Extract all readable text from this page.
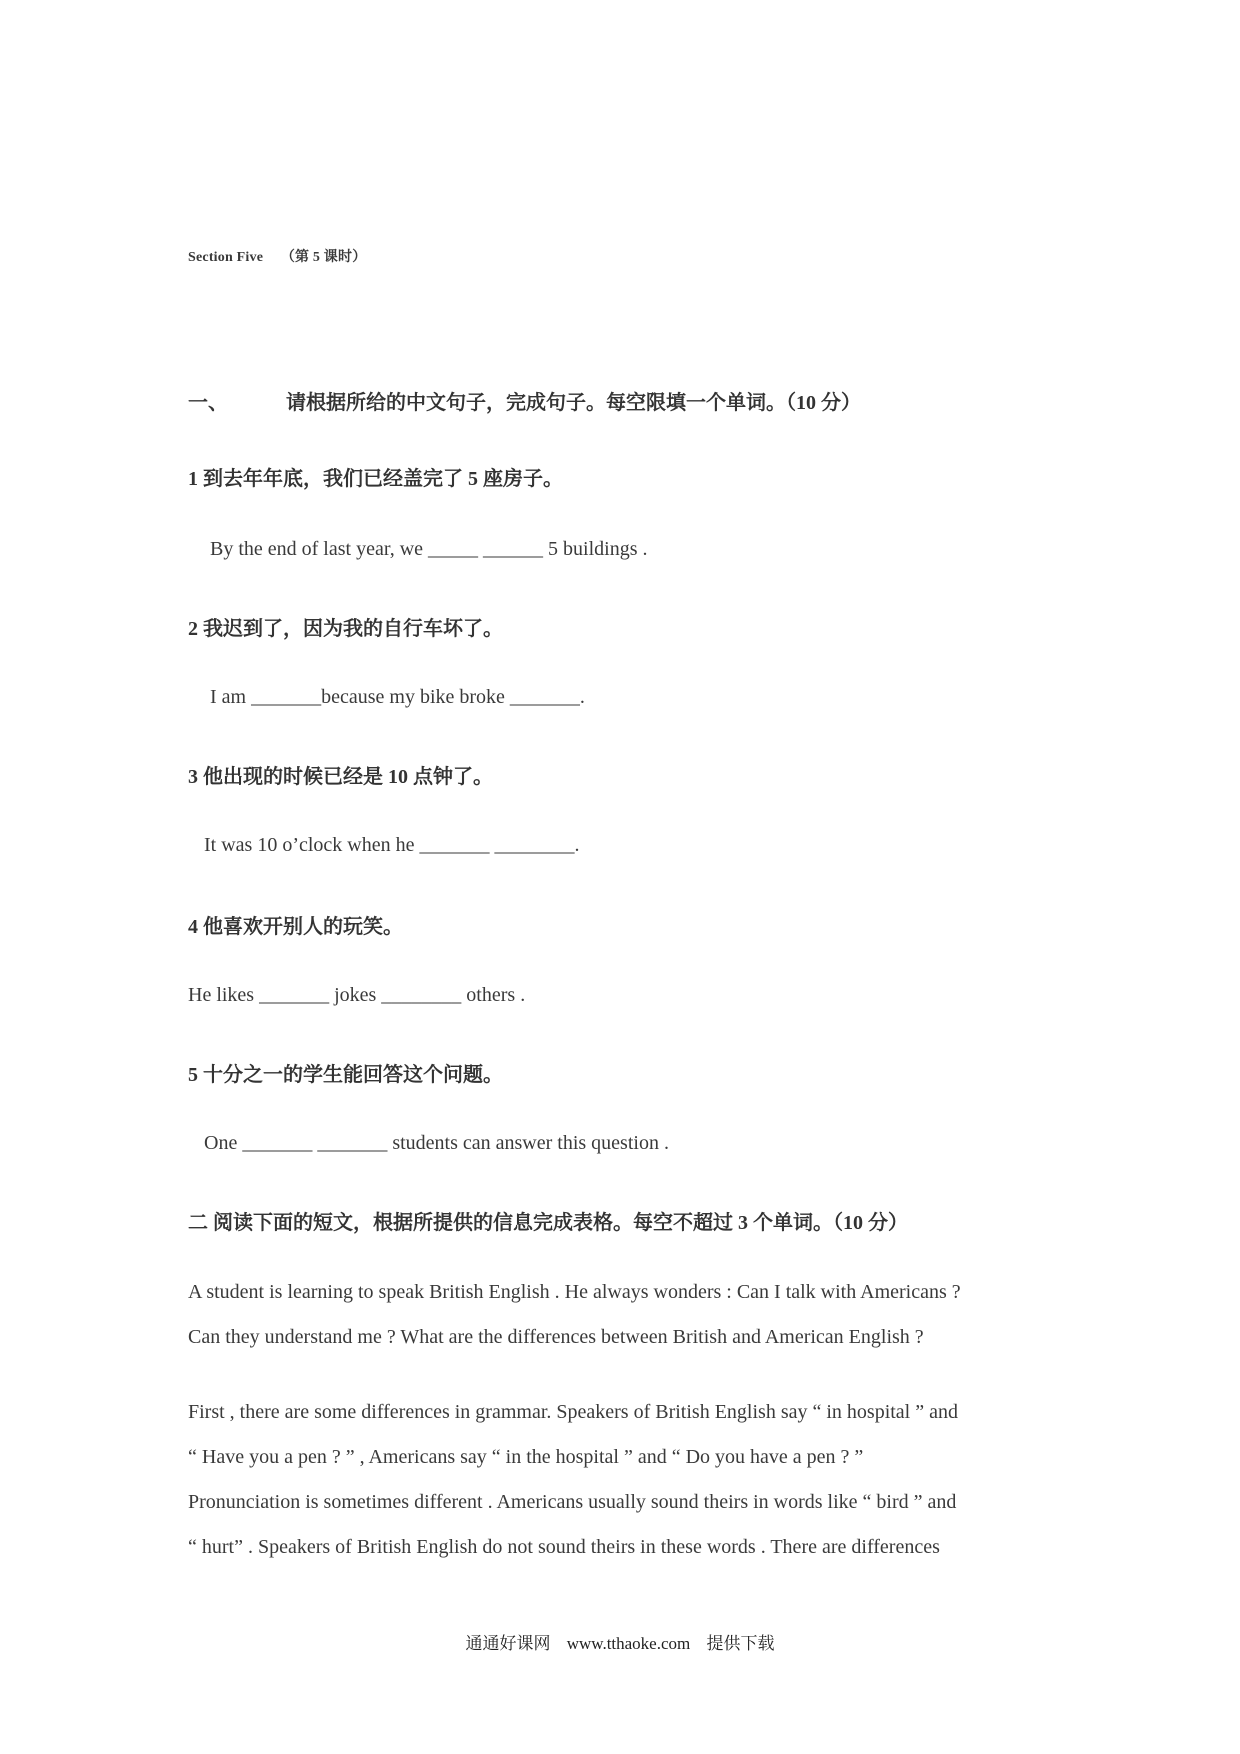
Section Five （第 5 课时）
一、	请根据所给的中文句子，完成句子。每空限填一个单词。（10 分）
1 到去年年底，我们已经盖完了 5 座房子。
By the end of last year, we _____ ______ 5 buildings .
2 我迟到了，因为我的自行车坏了。
I am _______because my bike broke _______.
3 他出现的时候已经是 10 点钟了。
It was 10 o’clock when he _______ ________.
4 他喜欢开别人的玩笑。
He likes _______ jokes ________ others .
5 十分之一的学生能回答这个问题。
One _______ _______ students can answer this question .
二 阅读下面的短文，根据所提供的信息完成表格。每空不超过 3 个单词。（10 分）
A student is learning to speak British English . He always wonders : Can I talk with Americans ?
Can they understand me ? What are the differences between British and American English ?
First , there are some differences in grammar. Speakers of British English say “ in hospital ” and
“ Have you a pen ? ” , Americans say “ in the hospital ” and “ Do you have a pen ? ”
Pronunciation is sometimes different . Americans usually sound theirs in words like “ bird ” and
“ hurt” . Speakers of British English do not sound theirs in these words . There are differences
通通好课网 www.tthaoke.com 提供下载
